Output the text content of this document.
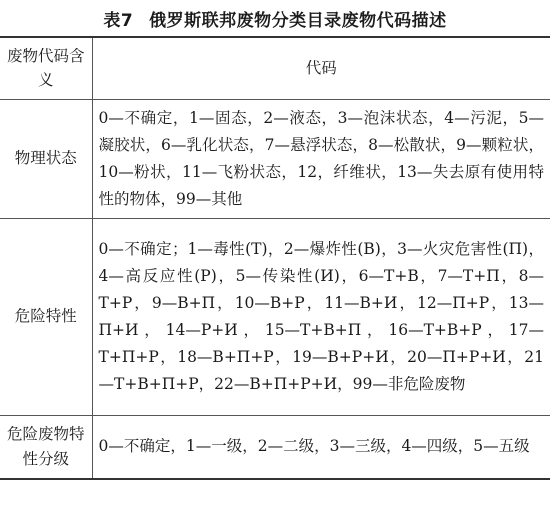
表7 俄罗斯联邦废物分类目录废物代码描述
废物代码含义	代码
物理状态	0—不确定，1—固态，2—液态，3—泡沫状态，4—污泥，5—凝胶状，6—乳化状态，7—悬浮状态，8—松散状，9—颗粒状，10—粉状，11—飞粉状态，12，纤维状，13—失去原有使用特性的物体，99—其他
危险特性	0—不确定；1—毒性(Т)，2—爆炸性(В)，3—火灾危害性(П)，4—高反应性(Р)，5—传染性(И)，6—Т+В，7—Т+П，8—Т+Р，9—В+П，10—В+Р，11—В+И，12—П+Р，13—П+И，14—Р+И，15—Т+В+П，16—Т+В+Р，17—Т+П+Р，18—В+П+Р，19—В+Р+И，20—П+Р+И，21—Т+В+П+Р，22—В+П+Р+И，99—非危险废物
危险废物特性分级	0—不确定，1—一级，2—二级，3—三级，4—四级，5—五级
